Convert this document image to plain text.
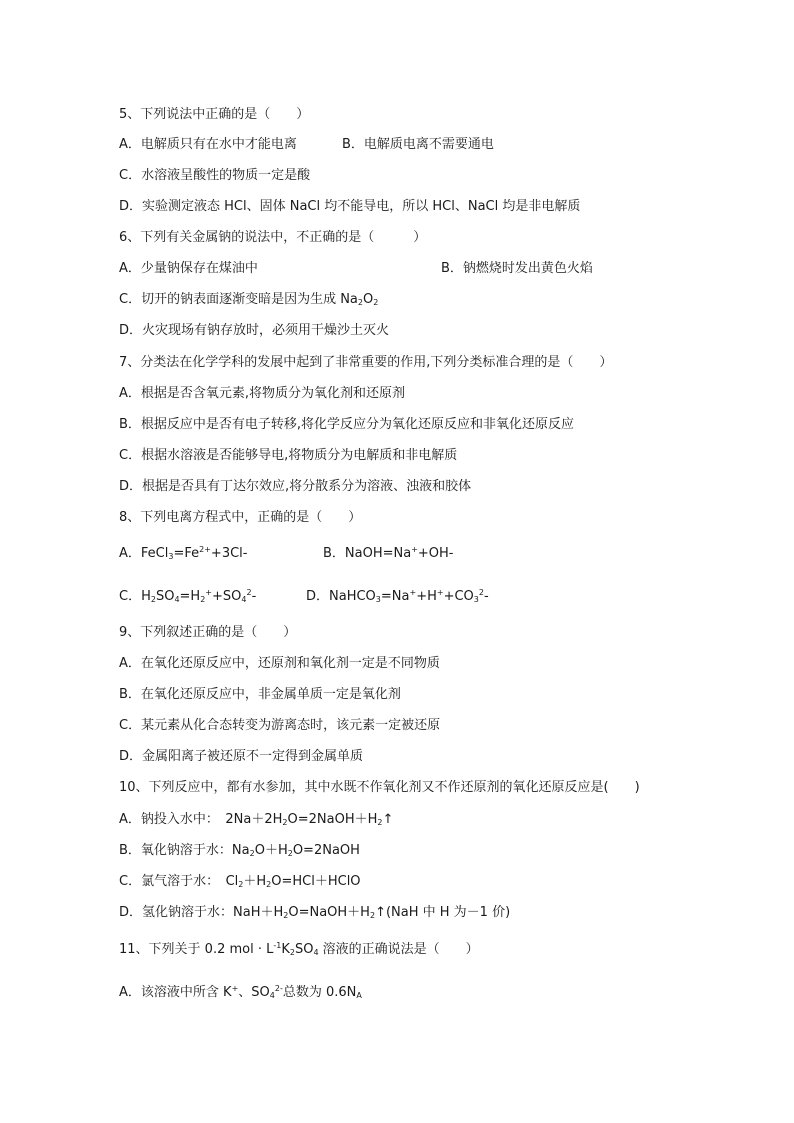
5、下列说法中正确的是（　　）
A．电解质只有在水中才能电离	B．电解质电离不需要通电
C．水溶液呈酸性的物质一定是酸
D．实验测定液态 HCl、固体 NaCl 均不能导电，所以 HCl、NaCl 均是非电解质
6、下列有关金属钠的说法中，不正确的是（　　　）
A．少量钠保存在煤油中	B．钠燃烧时发出黄色火焰
C．切开的钠表面逐渐变暗是因为生成 $Na_2O_2$
D．火灾现场有钠存放时，必须用干燥沙土灭火
7、分类法在化学学科的发展中起到了非常重要的作用,下列分类标准合理的是（　　）
A．根据是否含氧元素,将物质分为氧化剂和还原剂
B．根据反应中是否有电子转移,将化学反应分为氧化还原反应和非氧化还原反应
C．根据水溶液是否能够导电,将物质分为电解质和非电解质
D．根据是否具有丁达尔效应,将分散系分为溶液、浊液和胶体
8、下列电离方程式中，正确的是（　　）
A．$FeCl_3=Fe^{2+}+3Cl-$	B．NaOH=Na++OH-
C．$H_2SO_4=H_2^++SO_4^2-$	D．$NaHCO_3=Na^++H^++CO_3^2-$
9、下列叙述正确的是（　　）
A．在氧化还原反应中，还原剂和氧化剂一定是不同物质
B．在氧化还原反应中，非金属单质一定是氧化剂
C．某元素从化合态转变为游离态时，该元素一定被还原
D．金属阳离子被还原不一定得到金属单质
10、下列反应中，都有水参加，其中水既不作氧化剂又不作还原剂的氧化还原反应是(　　)
A．钠投入水中：　$2Na+2H_2O=2NaOH+H_2↑$
B．氧化钠溶于水：$Na_2O+H_2O=2NaOH$
C．氯气溶于水：　$Cl_2+H_2O=HCl+HClO$
D．氢化钠溶于水：$NaH+H_2O=NaOH+H_2↑(NaH$ 中 H 为－1 价)
11、下列关于 0.2 mol · $L^{-1}K_2SO_4$ 溶液的正确说法是（　　）
A．该溶液中所含 K+、$SO_4^{2-}$总数为 $0.6N_A$
